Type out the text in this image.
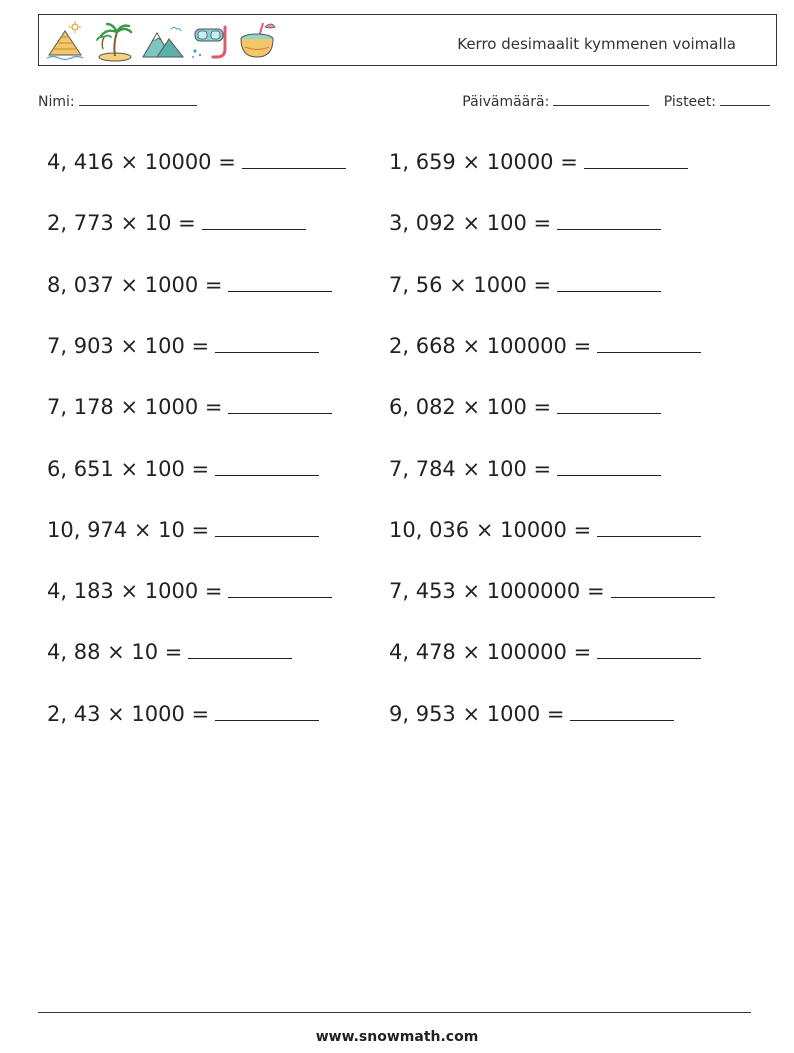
Kerro desimaalit kymmenen voimalla
Nimi:	Päivämäärä:	Pisteet:
4, 416 × 10000 =	1, 659 × 10000 =
2, 773 × 10 =	3, 092 × 100 =
8, 037 × 1000 =	7, 56 × 1000 =
7, 903 × 100 =	2, 668 × 100000 =
7, 178 × 1000 =	6, 082 × 100 =
6, 651 × 100 =	7, 784 × 100 =
10, 974 × 10 =	10, 036 × 10000 =
4, 183 × 1000 =	7, 453 × 1000000 =
4, 88 × 10 =	4, 478 × 100000 =
2, 43 × 1000 =	9, 953 × 1000 =
www.snowmath.com
